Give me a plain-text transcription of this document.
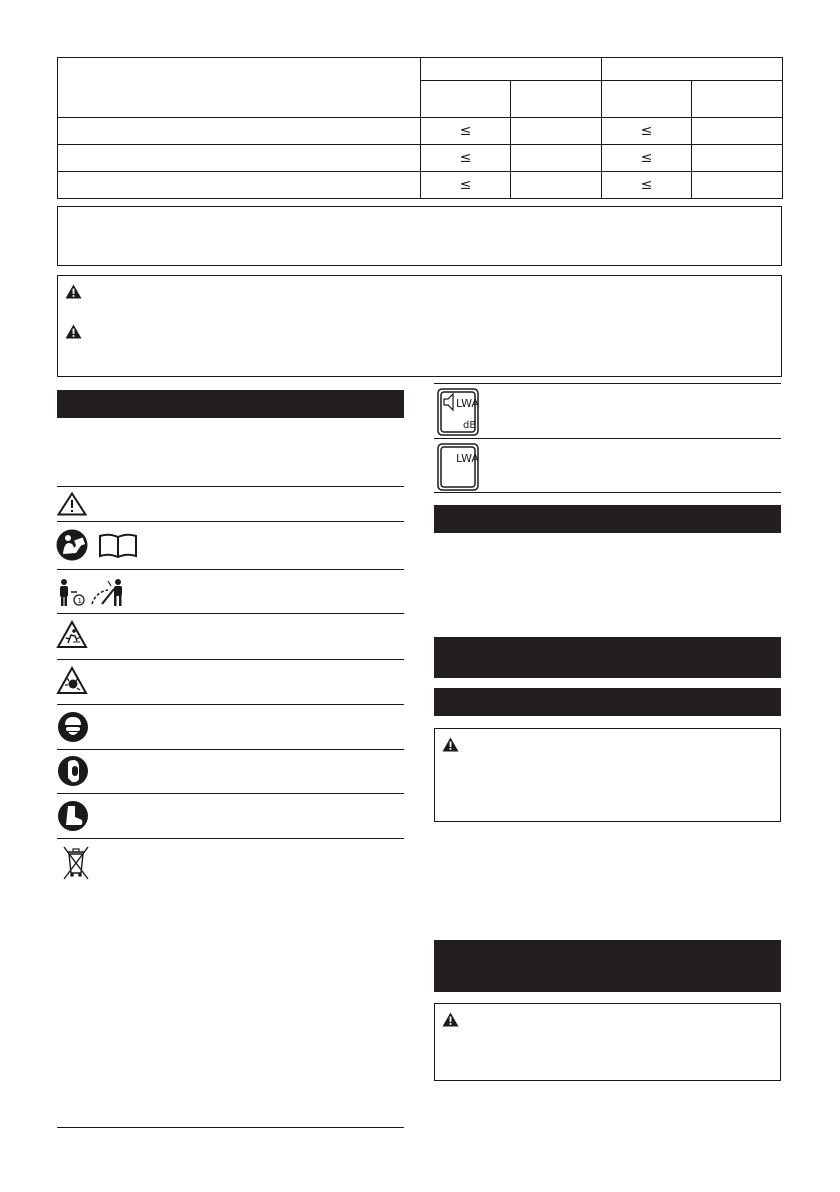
	≤		≤	
	≤		≤	
	≤		≤	
1
LWA
dB
LWA
